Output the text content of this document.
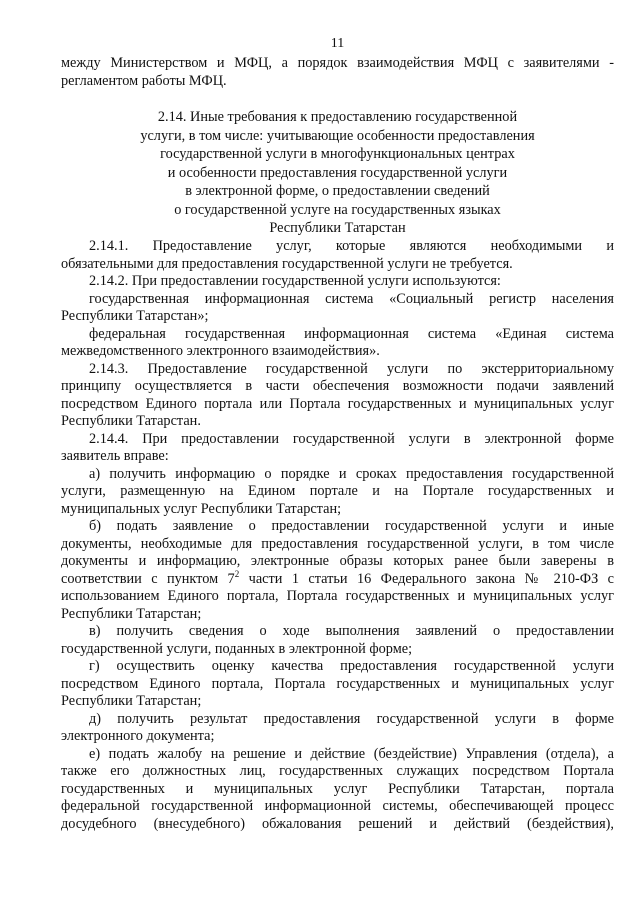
11
между Министерством и МФЦ, а порядок взаимодействия МФЦ с заявителями -
регламентом работы МФЦ.
2.14. Иные требования к предоставлению государственной
услуги, в том числе: учитывающие особенности предоставления
государственной услуги в многофункциональных центрах
и особенности предоставления государственной услуги
в электронной форме, о предоставлении сведений
о государственной услуге на государственных языках
Республики Татарстан
2.14.1. Предоставление услуг, которые являются необходимыми и
обязательными для предоставления государственной услуги не требуется.
2.14.2. При предоставлении государственной услуги используются:
государственная информационная система «Социальный регистр населения
Республики Татарстан»;
федеральная государственная информационная система «Единая система
межведомственного электронного взаимодействия».
2.14.3. Предоставление государственной услуги по экстерриториальному
принципу осуществляется в части обеспечения возможности подачи заявлений
посредством Единого портала или Портала государственных и муниципальных услуг
Республики Татарстан.
2.14.4. При предоставлении государственной услуги в электронной форме
заявитель вправе:
а) получить информацию о порядке и сроках предоставления государственной
услуги, размещенную на Едином портале и на Портале государственных и
муниципальных услуг Республики Татарстан;
б) подать заявление о предоставлении государственной услуги и иные
документы, необходимые для предоставления государственной услуги, в том числе
документы и информацию, электронные образы которых ранее были заверены в
соответствии с пунктом $7^2$ части 1 статьи 16 Федерального закона № 210-ФЗ с
использованием Единого портала, Портала государственных и муниципальных услуг
Республики Татарстан;
в) получить сведения о ходе выполнения заявлений о предоставлении
государственной услуги, поданных в электронной форме;
г) осуществить оценку качества предоставления государственной услуги
посредством Единого портала, Портала государственных и муниципальных услуг
Республики Татарстан;
д) получить результат предоставления государственной услуги в форме
электронного документа;
е) подать жалобу на решение и действие (бездействие) Управления (отдела), а
также его должностных лиц, государственных служащих посредством Портала
государственных и муниципальных услуг Республики Татарстан, портала
федеральной государственной информационной системы, обеспечивающей процесс
досудебного (внесудебного) обжалования решений и действий (бездействия),
